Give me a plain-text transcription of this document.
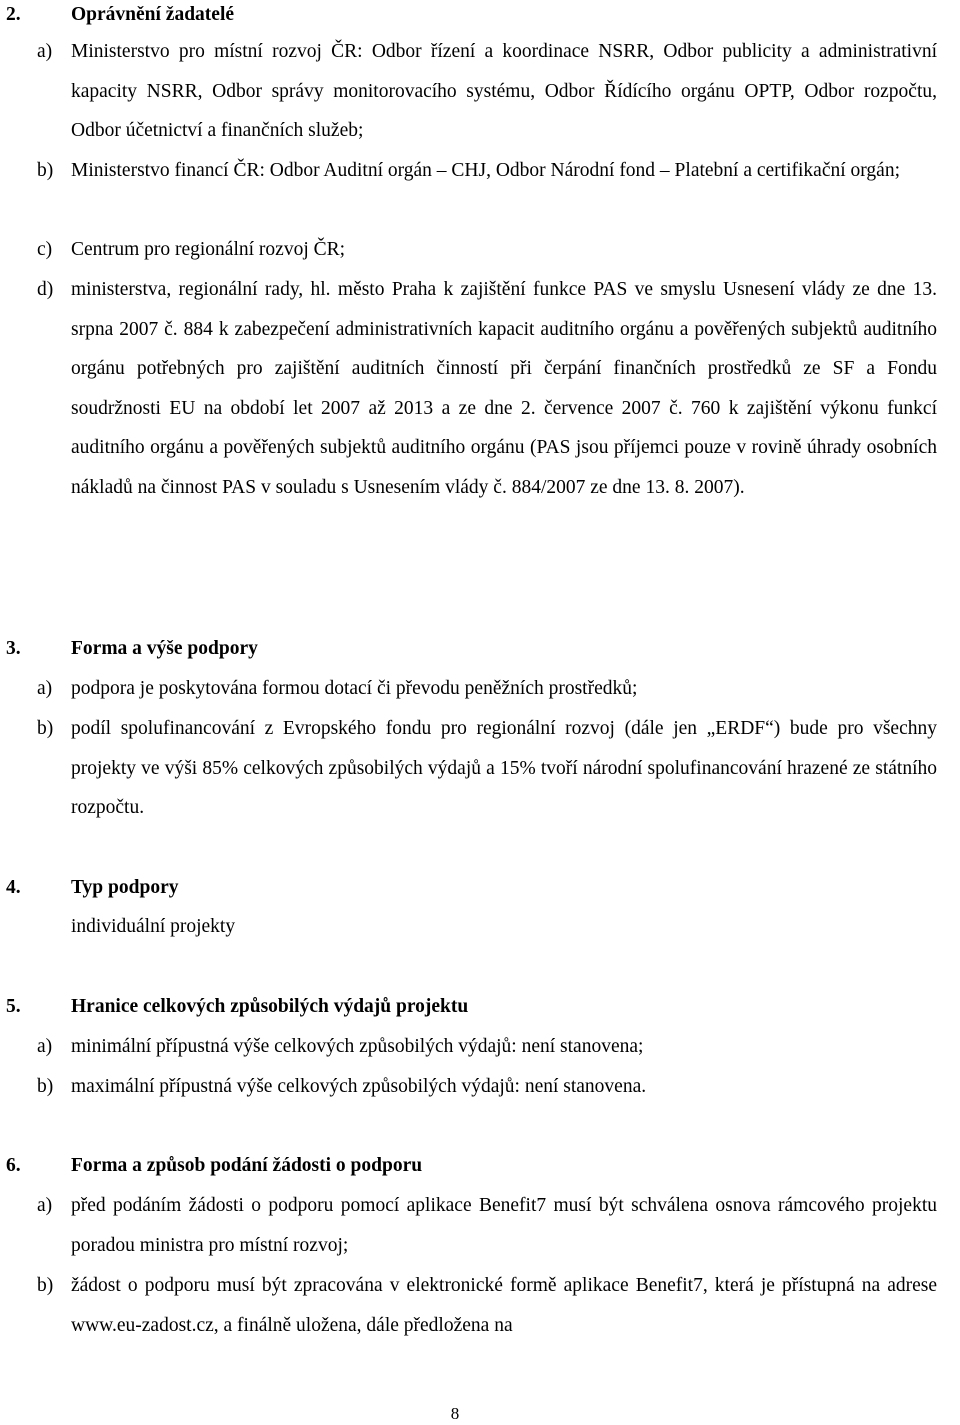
2.	Oprávnění žadatelé
a) Ministerstvo pro místní rozvoj ČR: Odbor řízení a koordinace NSRR, Odbor publicity a administrativní kapacity NSRR, Odbor správy monitorovacího systému, Odbor Řídícího orgánu OPTP, Odbor rozpočtu, Odbor účetnictví a finančních služeb;
b) Ministerstvo financí ČR: Odbor Auditní orgán – CHJ, Odbor Národní fond – Platební a certifikační orgán;
c) Centrum pro regionální rozvoj ČR;
d) ministerstva, regionální rady, hl. město Praha k zajištění funkce PAS ve smyslu Usnesení vlády ze dne 13. srpna 2007 č. 884 k zabezpečení administrativních kapacit auditního orgánu a pověřených subjektů auditního orgánu potřebných pro zajištění auditních činností při čerpání finančních prostředků ze SF a Fondu soudržnosti EU na období let 2007 až 2013 a ze dne 2. července 2007 č. 760 k zajištění výkonu funkcí auditního orgánu a pověřených subjektů auditního orgánu (PAS jsou příjemci pouze v rovině úhrady osobních nákladů na činnost PAS v souladu s Usnesením vlády č. 884/2007 ze dne 13. 8. 2007).
3.	Forma a výše podpory
a) podpora je poskytována formou dotací či převodu peněžních prostředků;
b) podíl spolufinancování z Evropského fondu pro regionální rozvoj (dále jen „ERDF“) bude pro všechny projekty ve výši 85% celkových způsobilých výdajů a 15% tvoří národní spolufinancování hrazené ze státního rozpočtu.
4.	Typ podpory
individuální projekty
5.	Hranice celkových způsobilých výdajů projektu
a) minimální přípustná výše celkových způsobilých výdajů: není stanovena;
b) maximální přípustná výše celkových způsobilých výdajů: není stanovena.
6.	Forma a způsob podání žádosti o podporu
a) před podáním žádosti o podporu pomocí aplikace Benefit7 musí být schválena osnova rámcového projektu poradou ministra pro místní rozvoj;
b) žádost o podporu musí být zpracována v elektronické formě aplikace Benefit7, která je přístupná na adrese www.eu-zadost.cz, a finálně uložena, dále předložena na
8
